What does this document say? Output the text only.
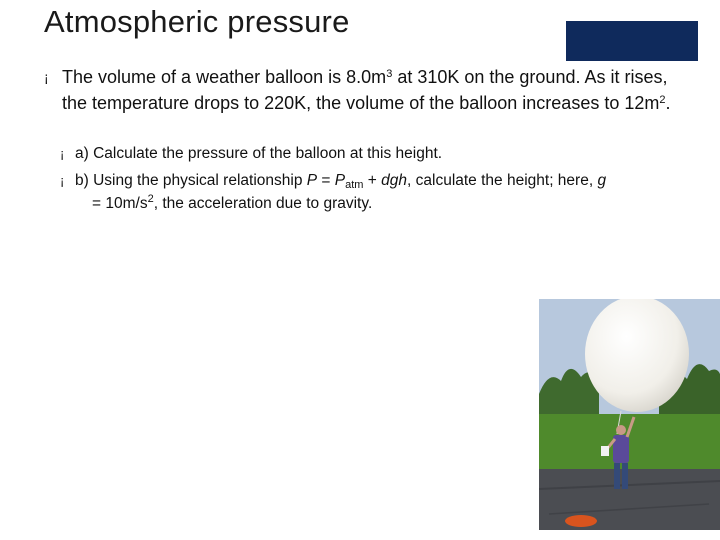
Atmospheric pressure
¡ The volume of a weather balloon is $8.0m^3$ at 310K on the ground. As it rises, the temperature drops to 220K, the volume of the balloon increases to $12m^2$.
¡ a) Calculate the pressure of the balloon at this height.
¡ b) Using the physical relationship P = Patm + dgh, calculate the height; here, g
= $10m/s^2$, the acceleration due to gravity.
